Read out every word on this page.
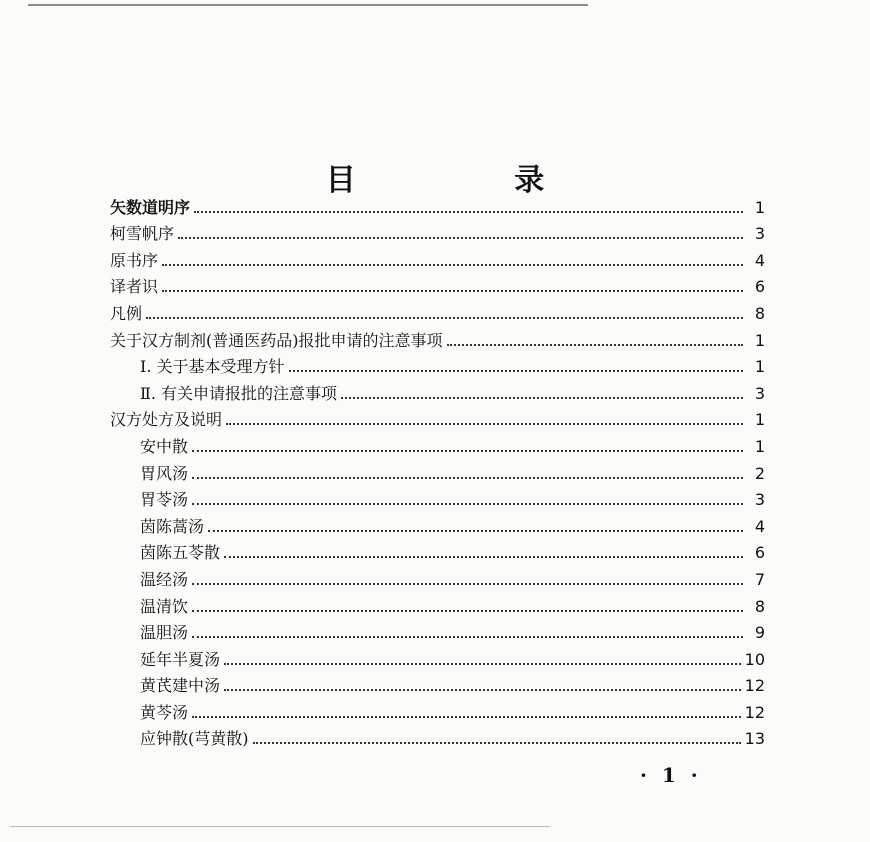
目 录
矢数道明序	1
柯雪帆序	3
原书序	4
译者识	6
凡例	8
关于汉方制剂(普通医药品)报批申请的注意事项	1
Ⅰ. 关于基本受理方针	1
Ⅱ. 有关申请报批的注意事项	3
汉方处方及说明	1
安中散	1
胃风汤	2
胃苓汤	3
茵陈蒿汤	4
茵陈五苓散	6
温经汤	7
温清饮	8
温胆汤	9
延年半夏汤	10
黄芪建中汤	12
黄芩汤	12
应钟散(芎黄散)	13
· 1 ·
